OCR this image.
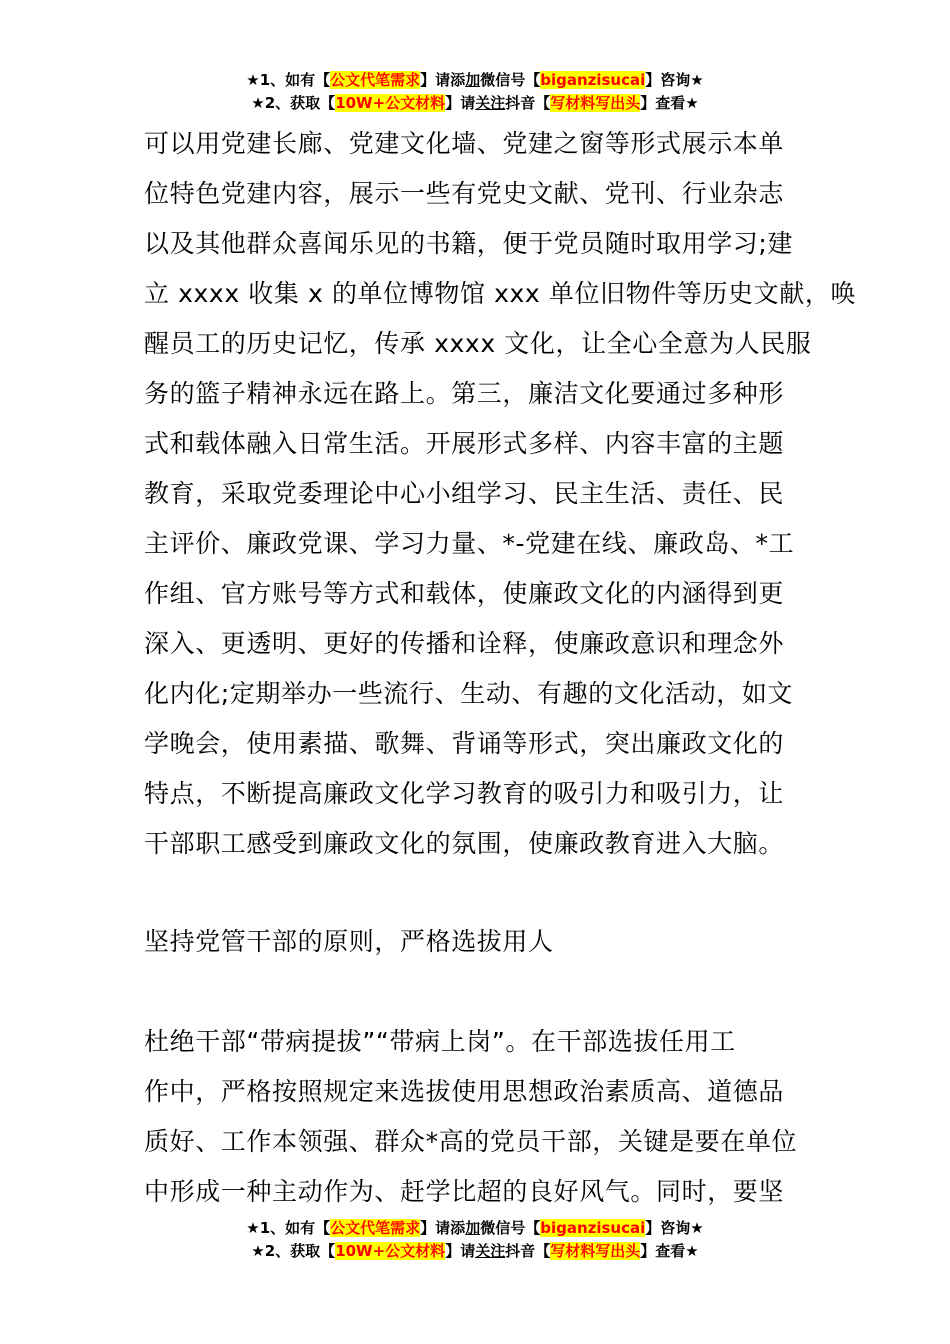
★1、如有【公文代笔需求】请添加微信号【biganzisucai】咨询★
★2、获取【10W+公文材料】请关注抖音【写材料写出头】查看★
可以用党建长廊、党建文化墙、党建之窗等形式展示本单
位特色党建内容，展示一些有党史文献、党刊、行业杂志
以及其他群众喜闻乐见的书籍，便于党员随时取用学习;建
立 xxxx 收集 x 的单位博物馆 xxx 单位旧物件等历史文献，唤
醒员工的历史记忆，传承 xxxx 文化，让全心全意为人民服
务的篮子精神永远在路上。第三，廉洁文化要通过多种形
式和载体融入日常生活。开展形式多样、内容丰富的主题
教育，采取党委理论中心小组学习、民主生活、责任、民
主评价、廉政党课、学习力量、*-党建在线、廉政岛、*工
作组、官方账号等方式和载体，使廉政文化的内涵得到更
深入、更透明、更好的传播和诠释，使廉政意识和理念外
化内化;定期举办一些流行、生动、有趣的文化活动，如文
学晚会，使用素描、歌舞、背诵等形式，突出廉政文化的
特点，不断提高廉政文化学习教育的吸引力和吸引力，让
干部职工感受到廉政文化的氛围，使廉政教育进入大脑。
坚持党管干部的原则，严格选拔用人
杜绝干部“带病提拔”“带病上岗”。在干部选拔任用工
作中，严格按照规定来选拔使用思想政治素质高、道德品
质好、工作本领强、群众*高的党员干部，关键是要在单位
中形成一种主动作为、赶学比超的良好风气。同时，要坚
★1、如有【公文代笔需求】请添加微信号【biganzisucai】咨询★
★2、获取【10W+公文材料】请关注抖音【写材料写出头】查看★
